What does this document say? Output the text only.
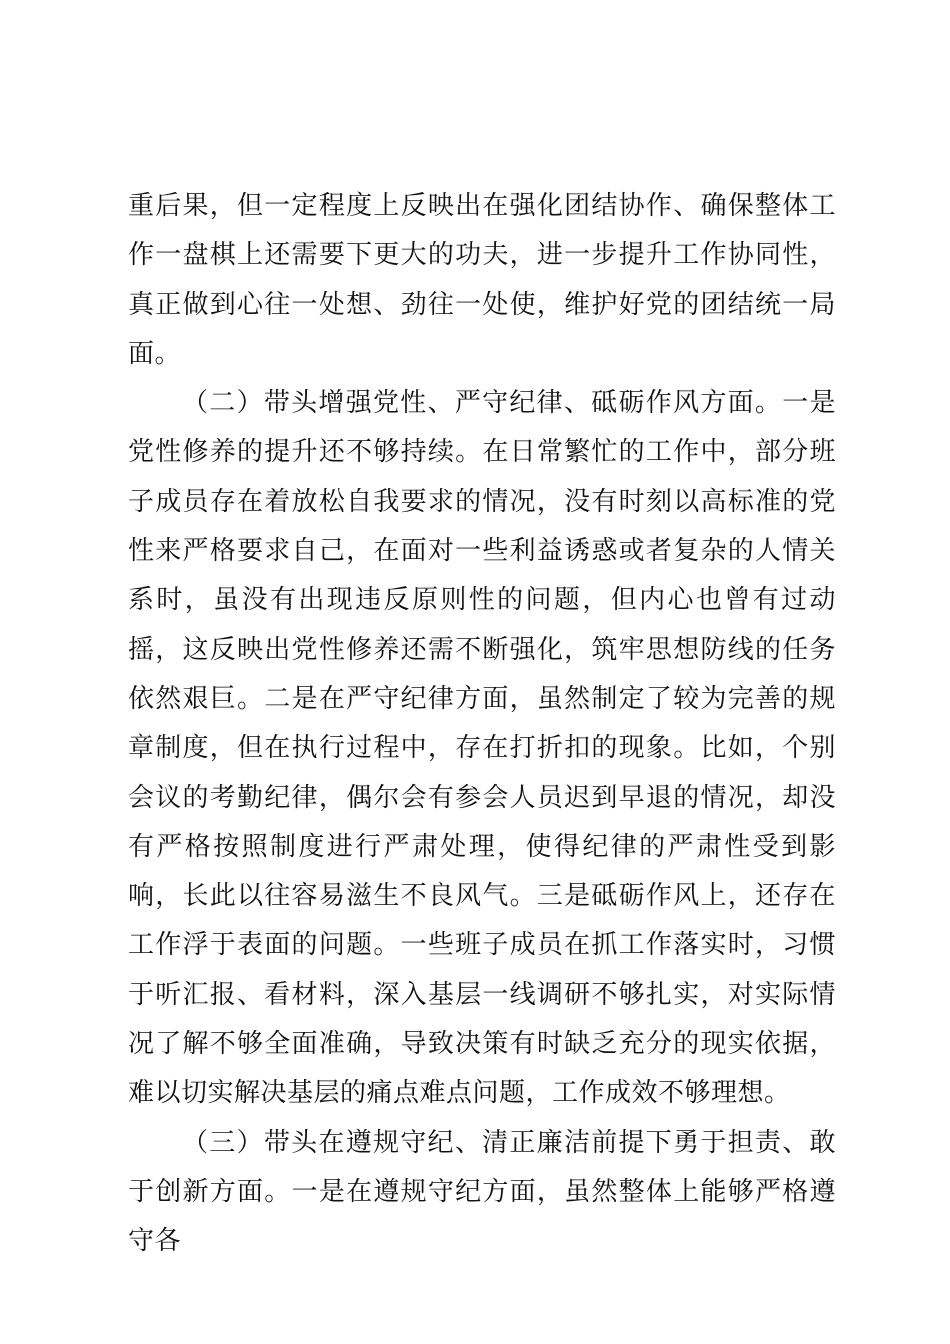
重后果，但一定程度上反映出在强化团结协作、确保整体工作一盘棋上还需要下更大的功夫，进一步提升工作协同性，真正做到心往一处想、劲往一处使，维护好党的团结统一局面。

（二）带头增强党性、严守纪律、砥砺作风方面。一是党性修养的提升还不够持续。在日常繁忙的工作中，部分班子成员存在着放松自我要求的情况，没有时刻以高标准的党性来严格要求自己，在面对一些利益诱惑或者复杂的人情关系时，虽没有出现违反原则性的问题，但内心也曾有过动摇，这反映出党性修养还需不断强化，筑牢思想防线的任务依然艰巨。二是在严守纪律方面，虽然制定了较为完善的规章制度，但在执行过程中，存在打折扣的现象。比如，个别会议的考勤纪律，偶尔会有参会人员迟到早退的情况，却没有严格按照制度进行严肃处理，使得纪律的严肃性受到影响，长此以往容易滋生不良风气。三是砥砺作风上，还存在工作浮于表面的问题。一些班子成员在抓工作落实时，习惯于听汇报、看材料，深入基层一线调研不够扎实，对实际情况了解不够全面准确，导致决策有时缺乏充分的现实依据，难以切实解决基层的痛点难点问题，工作成效不够理想。

（三）带头在遵规守纪、清正廉洁前提下勇于担责、敢于创新方面。一是在遵规守纪方面，虽然整体上能够严格遵守各
